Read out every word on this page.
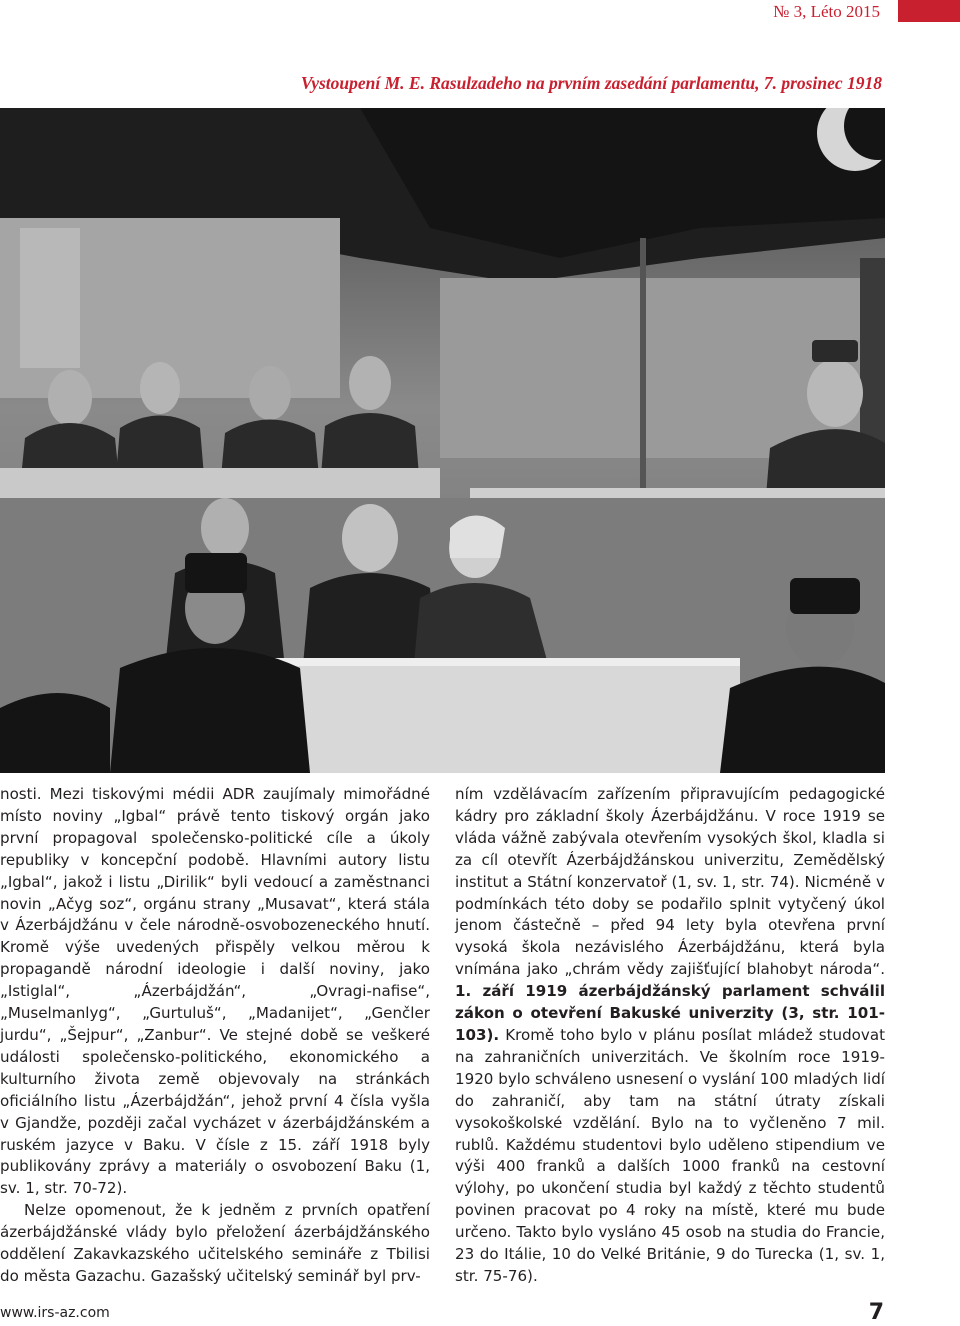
№ 3, Léto 2015
Vystoupení M. E. Rasulzadeho na prvním zasedání parlamentu, 7. prosinec 1918

nosti. Mezi tiskovými médii ADR zaujímaly mimořádné místo noviny „Igbal“ právě tento tiskový orgán jako první propagoval společensko-politické cíle a úkoly republiky v koncepční podobě. Hlavními autory listu „Igbal“, jakož i listu „Dirilik“ byli vedoucí a zaměstnanci novin „Ačyg soz“, orgánu strany „Musavat“, která stála v Ázerbájdžánu v čele národně-osvobozeneckého hnutí. Kromě výše uvedených přispěly velkou měrou k propagandě národní ideologie i další noviny, jako „Istiglal“, „Ázerbájdžán“, „Ovragi-nafise“, „Muselmanlyg“, „Gurtuluš“, „Madanijet“, „Genčler jurdu“, „Šejpur“, „Zanbur“. Ve stejné době se veškeré události společensko-politického, ekonomického a kulturního života země objevovaly na stránkách oficiálního listu „Ázerbájdžán“, jehož první 4 čísla vyšla v Gjandže, později začal vycházet v ázerbájdžánském a ruském jazyce v Baku. V čísle z 15. září 1918 byly publikovány zprávy a materiály o osvobození Baku (1, sv. 1, str. 70-72).

Nelze opomenout, že k jedněm z prvních opatření ázerbájdžánské vlády bylo přeložení ázerbájdžánského oddělení Zakavkazského učitelského semináře z Tbilisi do města Gazachu. Gazašský učitelský seminář byl prv-

ním vzdělávacím zařízením připravujícím pedagogické kádry pro základní školy Ázerbájdžánu. V roce 1919 se vláda vážně zabývala otevřením vysokých škol, kladla si za cíl otevřít Ázerbájdžánskou univerzitu, Zemědělský institut a Státní konzervatoř (1, sv. 1, str. 74). Nicméně v podmínkách této doby se podařilo splnit vytyčený úkol jenom částečně – před 94 lety byla otevřena první vysoká škola nezávislého Ázerbájdžánu, která byla vnímána jako „chrám vědy zajišťující blahobyt národa“. 1. září 1919 ázerbájdžánský parlament schválil zákon o otevření Bakuské univerzity (3, str. 101-103). Kromě toho bylo v plánu posílat mládež studovat na zahraničních univerzitách. Ve školním roce 1919-1920 bylo schváleno usnesení o vyslání 100 mladých lidí do zahraničí, aby tam na státní útraty získali vysokoškolské vzdělání. Bylo na to vyčleněno 7 mil. rublů. Každému studentovi bylo uděleno stipendium ve výši 400 franků a dalších 1000 franků na cestovní výlohy, po ukončení studia byl každý z těchto studentů povinen pracovat po 4 roky na místě, které mu bude určeno. Takto bylo vysláno 45 osob na studia do Francie, 23 do Itálie, 10 do Velké Británie, 9 do Turecka (1, sv. 1, str. 75-76).

www.irs-az.com	7
